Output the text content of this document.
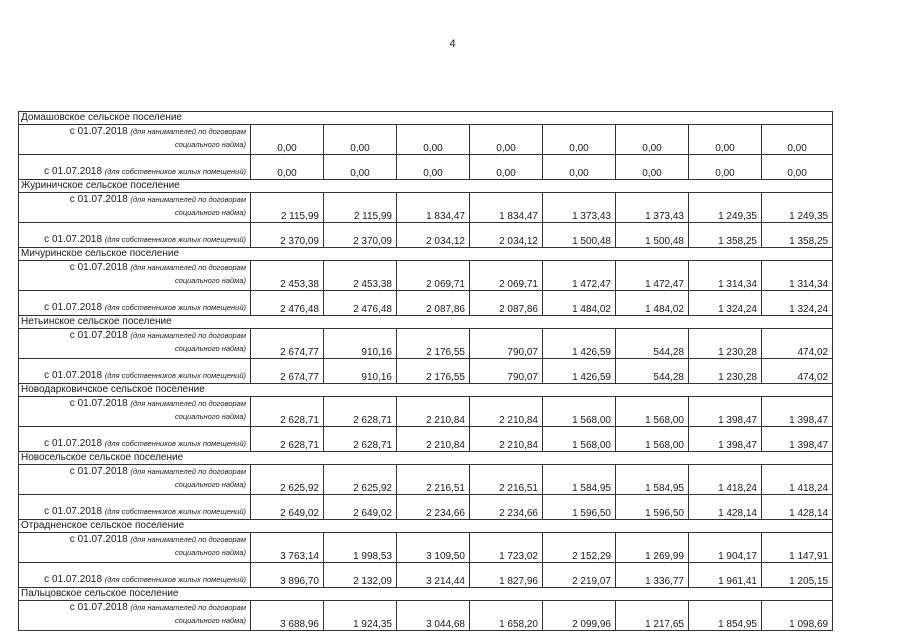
4
Домашовское сельское поселение								
с 01.07.2018 (для нанимателей по договорам
социального найма)	0,00	0,00	0,00	0,00	0,00	0,00	0,00	0,00
с 01.07.2018 (для собственников жилых помещений)	0,00	0,00	0,00	0,00	0,00	0,00	0,00	0,00
Журиничское сельское поселение								
с 01.07.2018 (для нанимателей по договорам
социального найма)	2 115,99	2 115,99	1 834,47	1 834,47	1 373,43	1 373,43	1 249,35	1 249,35
с 01.07.2018 (для собственников жилых помещений)	2 370,09	2 370,09	2 034,12	2 034,12	1 500,48	1 500,48	1 358,25	1 358,25
Мичуринское сельское поселение								
с 01.07.2018 (для нанимателей по договорам
социального найма)	2 453,38	2 453,38	2 069,71	2 069,71	1 472,47	1 472,47	1 314,34	1 314,34
с 01.07.2018 (для собственников жилых помещений)	2 476,48	2 476,48	2 087,86	2 087,86	1 484,02	1 484,02	1 324,24	1 324,24
Нетьинское сельское поселение								
с 01.07.2018 (для нанимателей по договорам
социального найма)	2 674,77	910,16	2 176,55	790,07	1 426,59	544,28	1 230,28	474,02
с 01.07.2018 (для собственников жилых помещений)	2 674,77	910,16	2 176,55	790,07	1 426,59	544,28	1 230,28	474,02
Новодарковичское сельское поселение								
с 01.07.2018 (для нанимателей по договорам
социального найма)	2 628,71	2 628,71	2 210,84	2 210,84	1 568,00	1 568,00	1 398,47	1 398,47
с 01.07.2018 (для собственников жилых помещений)	2 628,71	2 628,71	2 210,84	2 210,84	1 568,00	1 568,00	1 398,47	1 398,47
Новосельское сельское поселение								
с 01.07.2018 (для нанимателей по договорам
социального найма)	2 625,92	2 625,92	2 216,51	2 216,51	1 584,95	1 584,95	1 418,24	1 418,24
с 01.07.2018 (для собственников жилых помещений)	2 649,02	2 649,02	2 234,66	2 234,66	1 596,50	1 596,50	1 428,14	1 428,14
Отрадненское сельское поселение								
с 01.07.2018 (для нанимателей по договорам
социального найма)	3 763,14	1 998,53	3 109,50	1 723,02	2 152,29	1 269,99	1 904,17	1 147,91
с 01.07.2018 (для собственников жилых помещений)	3 896,70	2 132,09	3 214,44	1 827,96	2 219,07	1 336,77	1 961,41	1 205,15
Пальцовское сельское поселение								
с 01.07.2018 (для нанимателей по договорам
социального найма)	3 688,96	1 924,35	3 044,68	1 658,20	2 099,96	1 217,65	1 854,95	1 098,69
